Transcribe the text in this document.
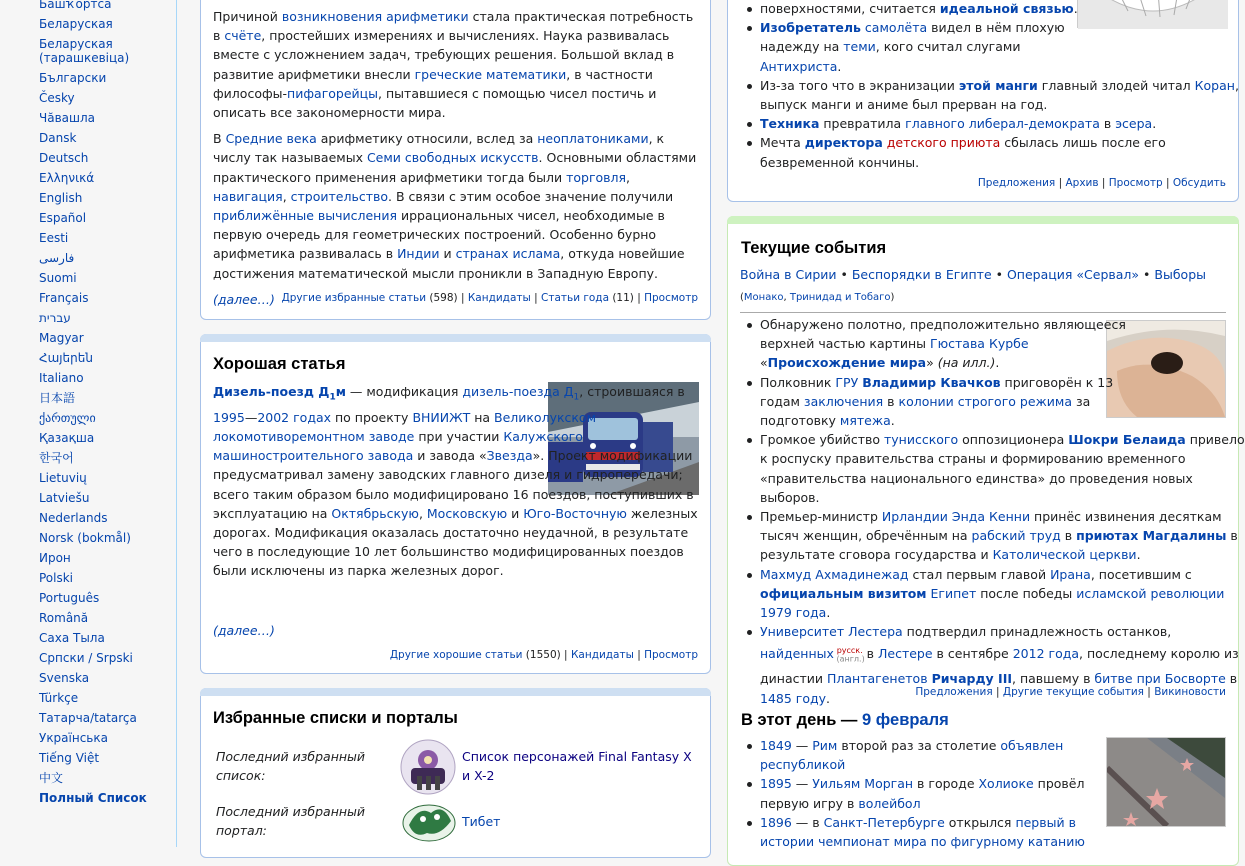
Башҡортса
Беларуская
Беларуская (тарашкевіца)
Български
Česky
Чăвашла
Dansk
Deutsch
Ελληνικά
English
Español
Eesti
فارسی
Suomi
Français
עברית
Magyar
Հայերեն
Italiano
日本語
ქართული
Қазақша
한국어
Lietuvių
Latviešu
Nederlands
Norsk (bokmål)
Ирон
Polski
Português
Română
Саха Тыла
Српски / Srpski
Svenska
Türkçe
Татарча/tatarça
Українська
Tiếng Việt
中文
Полный Список

Причиной возникновения арифметики стала практическая потребность в счёте, простейших измерениях и вычислениях. Наука развивалась вместе с усложнением задач, требующих решения. Большой вклад в развитие арифметики внесли греческие математики, в частности философы-пифагорейцы, пытавшиеся с помощью чисел постичь и описать все закономерности мира.

В Средние века арифметику относили, вслед за неоплатониками, к числу так называемых Семи свободных искусств. Основными областями практического применения арифметики тогда были торговля, навигация, строительство. В связи с этим особое значение получили приближённые вычисления иррациональных чисел, необходимые в первую очередь для геометрических построений. Особенно бурно арифметика развивалась в Индии и странах ислама, откуда новейшие достижения математической мысли проникли в Западную Европу.

(далее…) Другие избранные статьи (598) | Кандидаты | Статьи года (11) | Просмотр
Хорошая статья

Дизель-поезд $Д_1м$ — модификация дизель-поезда $Д_1$, строившаяся в 1995—2002 годах по проекту ВНИИЖТ на Великолукском локомотиворемонтном заводе при участии Калужского машиностроительного завода и завода «Звезда». Проект модификации предусматривал замену заводских главного дизеля и гидропередачи; всего таким образом было модифицировано 16 поездов, поступивших в эксплуатацию на Октябрьскую, Московскую и Юго-Восточную железных дорогах. Модификация оказалась достаточно неудачной, в результате чего в последующие 10 лет большинство модифицированных поездов были исключены из парка железных дорог.

(далее…)
Другие хорошие статьи (1550) | Кандидаты | Просмотр
Избранные списки и порталы
Последний избранный список:
Список персонажей Final Fantasy X и X-2
Последний избранный портал:
Тибет
поверхностями, считается идеальной связью.
Изобретатель самолёта видел в нём плохую надежду на теми, кого считал слугами Антихриста.
Из-за того что в экранизации этой манги главный злодей читал Коран, выпуск манги и аниме был прерван на год.
Техника превратила главного либерал-демократа в эсера.
Мечта директора детского приюта сбылась лишь после его безвременной кончины.
Предложения | Архив | Просмотр | Обсудить
Текущие события
Война в Сирии • Беспорядки в Египте • Операция «Сервал» • Выборы (Монако, Тринидад и Тобаго)
Обнаружено полотно, предположительно являющееся верхней частью картины Гюстава Курбе «Происхождение мира» (на илл.).
Полковник ГРУ Владимир Квачков приговорён к 13 годам заключения в колонии строгого режима за подготовку мятежа.
Громкое убийство тунисского оппозиционера Шокри Белаида привело к роспуску правительства страны и формированию временного «правительства национального единства» до проведения новых выборов.
Премьер-министр Ирландии Энда Кенни принёс извинения десяткам тысяч женщин, обречённым на рабский труд в приютах Магдалины в результате сговора государства и Католической церкви.
Махмуд Ахмадинежад стал первым главой Ирана, посетившим с официальным визитом Египет после победы исламской революции 1979 года.
Университет Лестера подтвердил принадлежность останков, найденных $_{(англ.)}^{русск.}$ в Лестере в сентябре 2012 года, последнему королю из династии Плантагенетов Ричарду III, павшему в битве при Босворте в 1485 году.	Предложения | Другие текущие события | Викиновости
В этот день — 9 февраля
1849 — Рим второй раз за столетие объявлен республикой
1895 — Уильям Морган в городе Холиоке провёл первую игру в волейбол
1896 — в Санкт-Петербурге открылся первый в истории чемпионат мира по фигурному катанию
